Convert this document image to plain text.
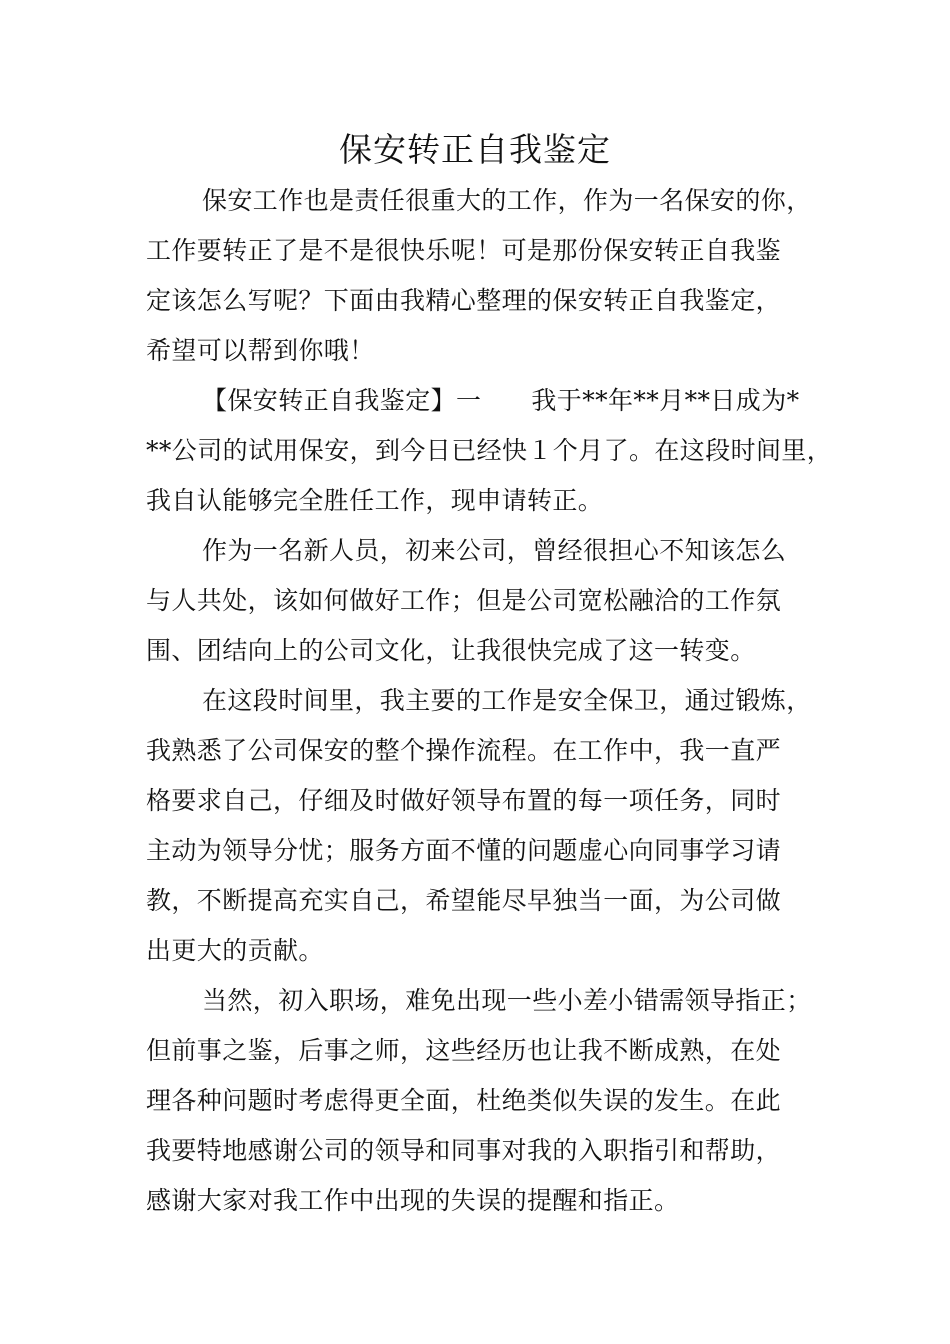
保安转正自我鉴定

保安工作也是责任很重大的工作，作为一名保安的你，

工作要转正了是不是很快乐呢！可是那份保安转正自我鉴

定该怎么写呢？下面由我精心整理的保安转正自我鉴定，

希望可以帮到你哦！

【保安转正自我鉴定】一 我于**年**月**日成为*

**公司的试用保安，到今日已经快１个月了。在这段时间里，

我自认能够完全胜任工作，现申请转正。

作为一名新人员，初来公司，曾经很担心不知该怎么

与人共处，该如何做好工作；但是公司宽松融洽的工作氛

围、团结向上的公司文化，让我很快完成了这一转变。

在这段时间里，我主要的工作是安全保卫，通过锻炼，

我熟悉了公司保安的整个操作流程。在工作中，我一直严

格要求自己，仔细及时做好领导布置的每一项任务，同时

主动为领导分忧；服务方面不懂的问题虚心向同事学习请

教，不断提高充实自己，希望能尽早独当一面，为公司做

出更大的贡献。

当然，初入职场，难免出现一些小差小错需领导指正；

但前事之鉴，后事之师，这些经历也让我不断成熟，在处

理各种问题时考虑得更全面，杜绝类似失误的发生。在此

我要特地感谢公司的领导和同事对我的入职指引和帮助，

感谢大家对我工作中出现的失误的提醒和指正。
